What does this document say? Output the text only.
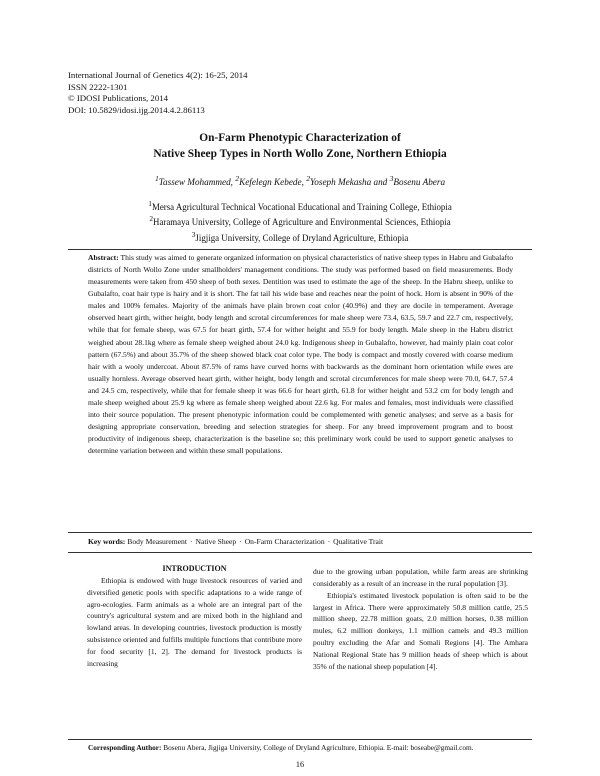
International Journal of Genetics 4(2): 16-25, 2014
ISSN 2222-1301
© IDOSI Publications, 2014
DOI: 10.5829/idosi.ijg.2014.4.2.86113
On-Farm Phenotypic Characterization of
Native Sheep Types in North Wollo Zone, Northern Ethiopia
$^1$Tassew Mohammed, $^2$Kefelegn Kebede, $^2$Yoseph Mekasha and $^3$Bosenu Abera
$^1$Mersa Agricultural Technical Vocational Educational and Training College, Ethiopia
$^2$Haramaya University, College of Agriculture and Environmental Sciences, Ethiopia
$^3$Jigjiga University, College of Dryland Agriculture, Ethiopia
Abstract: This study was aimed to generate organized information on physical characteristics of native sheep types in Habru and Gubalafto districts of North Wollo Zone under smallholders' management conditions. The study was performed based on field measurements. Body measurements were taken from 450 sheep of both sexes. Dentition was used to estimate the age of the sheep. In the Habru sheep, unlike to Gubalafto, coat hair type is hairy and it is short. The fat tail his wide base and reaches near the point of hock. Horn is absent in 90% of the males and 100% females. Majority of the animals have plain brown coat color (40.9%) and they are docile in temperament. Average observed heart girth, wither height, body length and scrotal circumferences for male sheep were 73.4, 63.5, 59.7 and 22.7 cm, respectively, while that for female sheep, was 67.5 for heart girth, 57.4 for wither height and 55.9 for body length. Male sheep in the Habru district weighed about 28.1kg where as female sheep weighed about 24.0 kg. Indigenous sheep in Gubalafto, however, had mainly plain coat color pattern (67.5%) and about 35.7% of the sheep showed black coat color type. The body is compact and mostly covered with coarse medium hair with a wooly undercoat. About 87.5% of rams have curved horns with backwards as the dominant horn orientation while ewes are usually hornless. Average observed heart girth, wither height, body length and scrotal circumferences for male sheep were 70.0, 64.7, 57.4 and 24.5 cm, respectively, while that for female sheep it was 66.6 for heart girth, 61.8 for wither height and 53.2 cm for body length and male sheep weighed about 25.9 kg where as female sheep weighed about 22.6 kg. For males and females, most individuals were classified into their source population. The present phenotypic information could be complemented with genetic analyses; and serve as a basis for designing appropriate conservation, breeding and selection strategies for sheep. For any breed improvement program and to boost productivity of indigenous sheep, characterization is the baseline so; this preliminary work could be used to support genetic analyses to determine variation between and within these small populations.
Key words: Body Measurement · Native Sheep · On-Farm Characterization · Qualitative Trait

INTRODUCTION

Ethiopia is endowed with huge livestock resources of varied and diversified genetic pools with specific adaptations to a wide range of agro-ecologies. Farm animals as a whole are an integral part of the country's agricultural system and are mixed both in the highland and lowland areas. In developing countries, livestock production is mostly subsistence oriented and fulfills multiple functions that contribute more for food security [1, 2]. The demand for livestock products is increasing

due to the growing urban population, while farm areas are shrinking considerably as a result of an increase in the rural population [3].

Ethiopia's estimated livestock population is often said to be the largest in Africa. There were approximately 50.8 million cattle, 25.5 million sheep, 22.78 million goats, 2.0 million horses, 0.38 million mules, 6.2 million donkeys, 1.1 million camels and 49.3 million poultry excluding the Afar and Somali Regions [4]. The Amhara National Regional State has 9 million heads of sheep which is about 35% of the national sheep population [4].

Corresponding Author: Bosenu Abera, Jigjiga University, College of Dryland Agriculture, Ethiopia. E-mail: boseabe@gmail.com.
16
